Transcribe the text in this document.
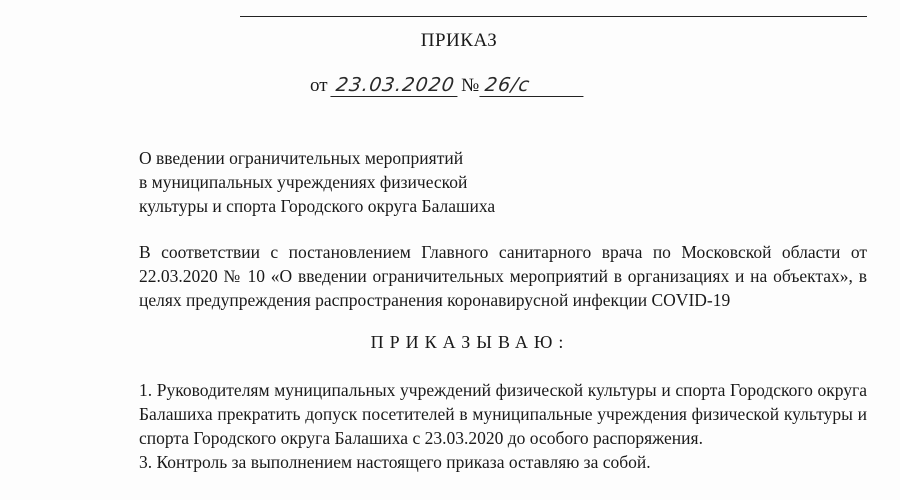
ПРИКАЗ
от 23.03.2020 № 26/с
О введении ограничительных мероприятий
в муниципальных учреждениях физической
культуры и спорта Городского округа Балашиха
В соответствии с постановлением Главного санитарного врача по Московской области от 22.03.2020 № 10 «О введении ограничительных мероприятий в организациях и на объектах», в целях предупреждения распространения коронавирусной инфекции COVID-19
ПРИКАЗЫВАЮ:
1. Руководителям муниципальных учреждений физической культуры и спорта Городского округа Балашиха прекратить допуск посетителей в муниципальные учреждения физической культуры и спорта Городского округа Балашиха с 23.03.2020 до особого распоряжения.
3. Контроль за выполнением настоящего приказа оставляю за собой.
